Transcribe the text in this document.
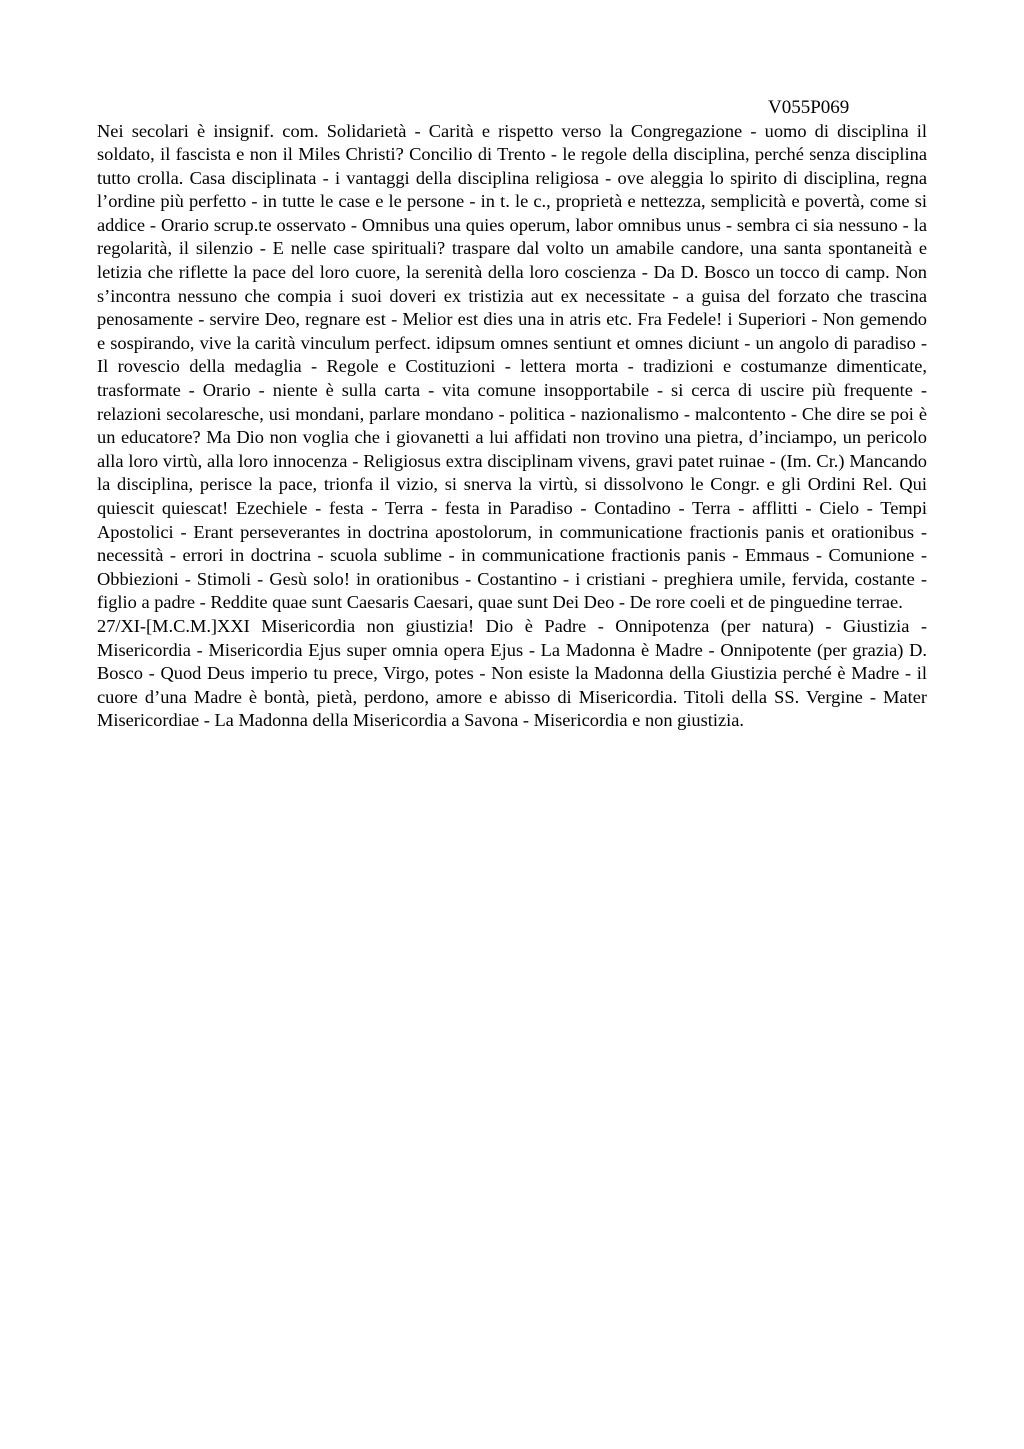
V055P069

Nei secolari è insignif. com. Solidarietà - Carità e rispetto verso la Congregazione - uomo di disciplina il soldato, il fascista e non il Miles Christi? Concilio di Trento - le regole della disciplina, perché senza disciplina tutto crolla. Casa disciplinata - i vantaggi della disciplina religiosa - ove aleggia lo spirito di disciplina, regna l’ordine più perfetto - in tutte le case e le persone - in t. le c., proprietà e nettezza, semplicità e povertà, come si addice - Orario scrup.te osservato - Omnibus una quies operum, labor omnibus unus - sembra ci sia nessuno - la regolarità, il silenzio - E nelle case spirituali? traspare dal volto un amabile candore, una santa spontaneità e letizia che riflette la pace del loro cuore, la serenità della loro coscienza - Da D. Bosco un tocco di camp. Non s’incontra nessuno che compia i suoi doveri ex tristizia aut ex necessitate - a guisa del forzato che trascina penosamente - servire Deo, regnare est - Melior est dies una in atris etc. Fra Fedele! i Superiori - Non gemendo e sospirando, vive la carità vinculum perfect. idipsum omnes sentiunt et omnes diciunt - un angolo di paradiso - Il rovescio della medaglia - Regole e Costituzioni - lettera morta - tradizioni e costumanze dimenticate, trasformate - Orario - niente è sulla carta - vita comune insopportabile - si cerca di uscire più frequente - relazioni secolaresche, usi mondani, parlare mondano - politica - nazionalismo - malcontento - Che dire se poi è un educatore? Ma Dio non voglia che i giovanetti a lui affidati non trovino una pietra, d’inciampo, un pericolo alla loro virtù, alla loro innocenza - Religiosus extra disciplinam vivens, gravi patet ruinae - (Im. Cr.) Mancando la disciplina, perisce la pace, trionfa il vizio, si snerva la virtù, si dissolvono le Congr. e gli Ordini Rel. Qui quiescit quiescat! Ezechiele - festa - Terra - festa in Paradiso - Contadino - Terra - afflitti - Cielo - Tempi Apostolici - Erant perseverantes in doctrina apostolorum, in communicatione fractionis panis et orationibus - necessità - errori in doctrina - scuola sublime - in communicatione fractionis panis - Emmaus - Comunione - Obbiezioni - Stimoli - Gesù solo! in orationibus - Costantino - i cristiani - preghiera umile, fervida, costante - figlio a padre - Reddite quae sunt Caesaris Caesari, quae sunt Dei Deo - De rore coeli et de pinguedine terrae.

27/XI-[M.C.M.]XXI Misericordia non giustizia! Dio è Padre - Onnipotenza (per natura) - Giustizia - Misericordia - Misericordia Ejus super omnia opera Ejus - La Madonna è Madre - Onnipotente (per grazia) D. Bosco - Quod Deus imperio tu prece, Virgo, potes - Non esiste la Madonna della Giustizia perché è Madre - il cuore d’una Madre è bontà, pietà, perdono, amore e abisso di Misericordia. Titoli della SS. Vergine - Mater Misericordiae - La Madonna della Misericordia a Savona - Misericordia e non giustizia.
